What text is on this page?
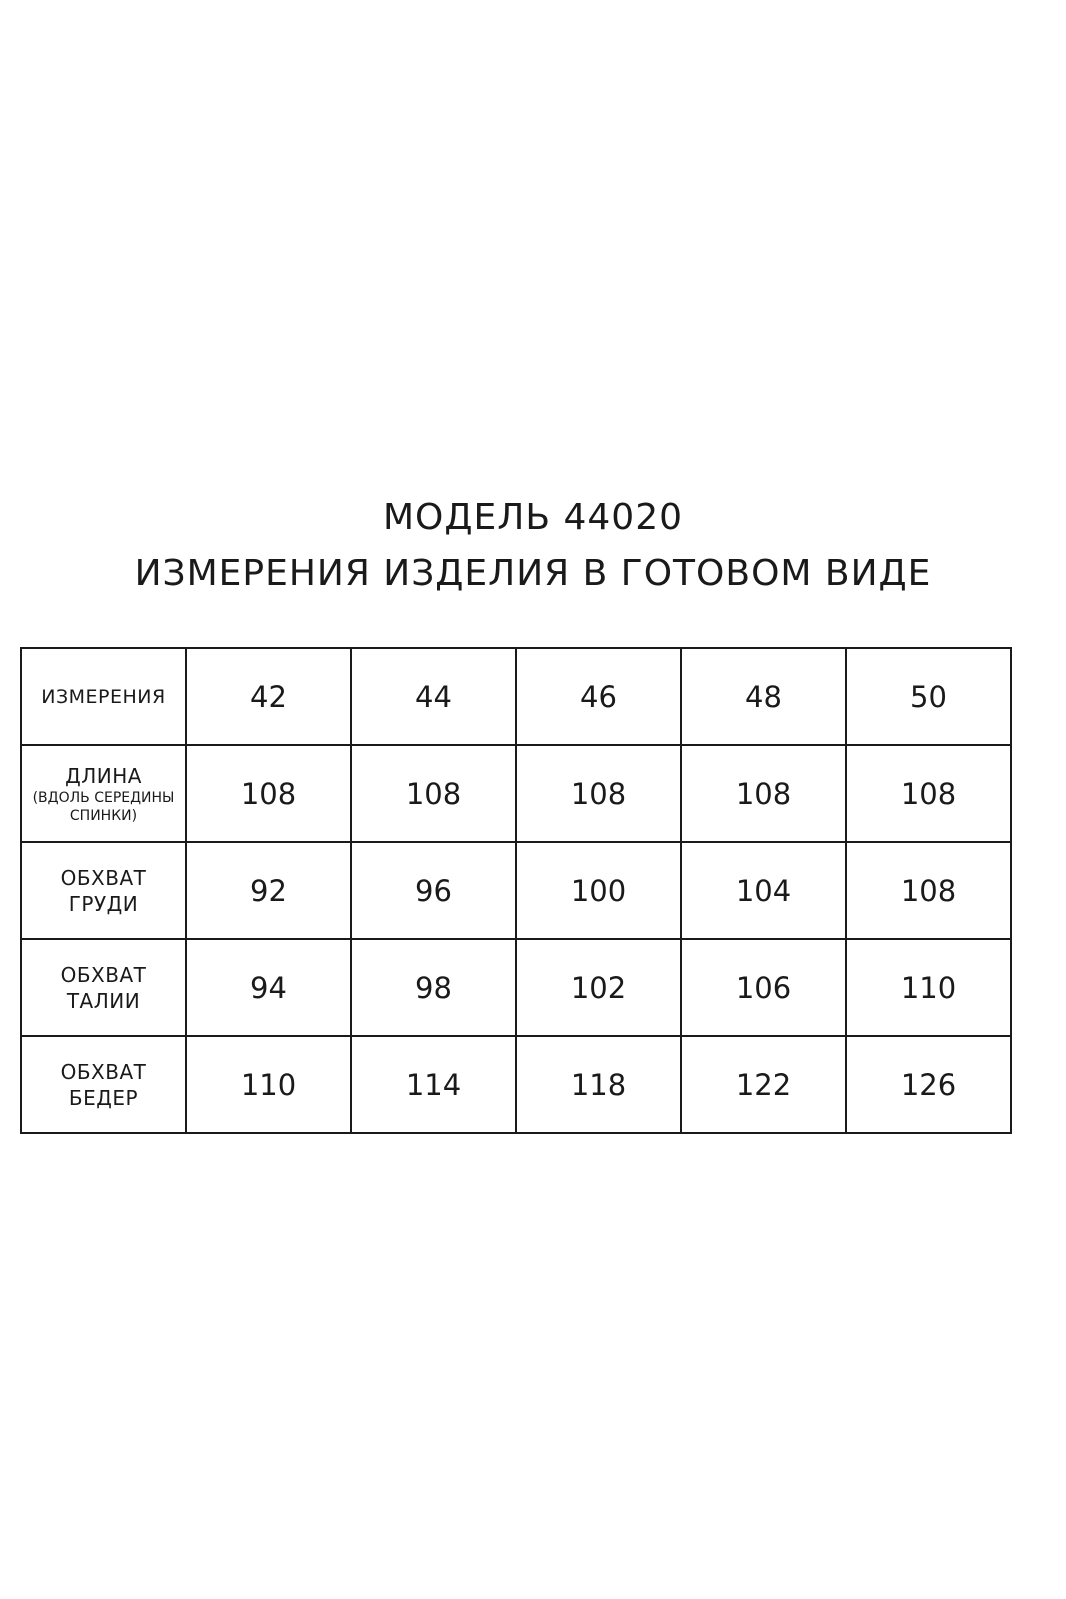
МОДЕЛЬ 44020
ИЗМЕРЕНИЯ ИЗДЕЛИЯ В ГОТОВОМ ВИДЕ
ИЗМЕРЕНИЯ	42	44	46	48	50

ДЛИНА
(ВДОЛЬ СЕРЕДИНЫ
СПИНКИ)	108	108	108	108	108

ОБХВАТ
ГРУДИ	92	96	100	104	108

ОБХВАТ
ТАЛИИ	94	98	102	106	110

ОБХВАТ
БЕДЕР	110	114	118	122	126
